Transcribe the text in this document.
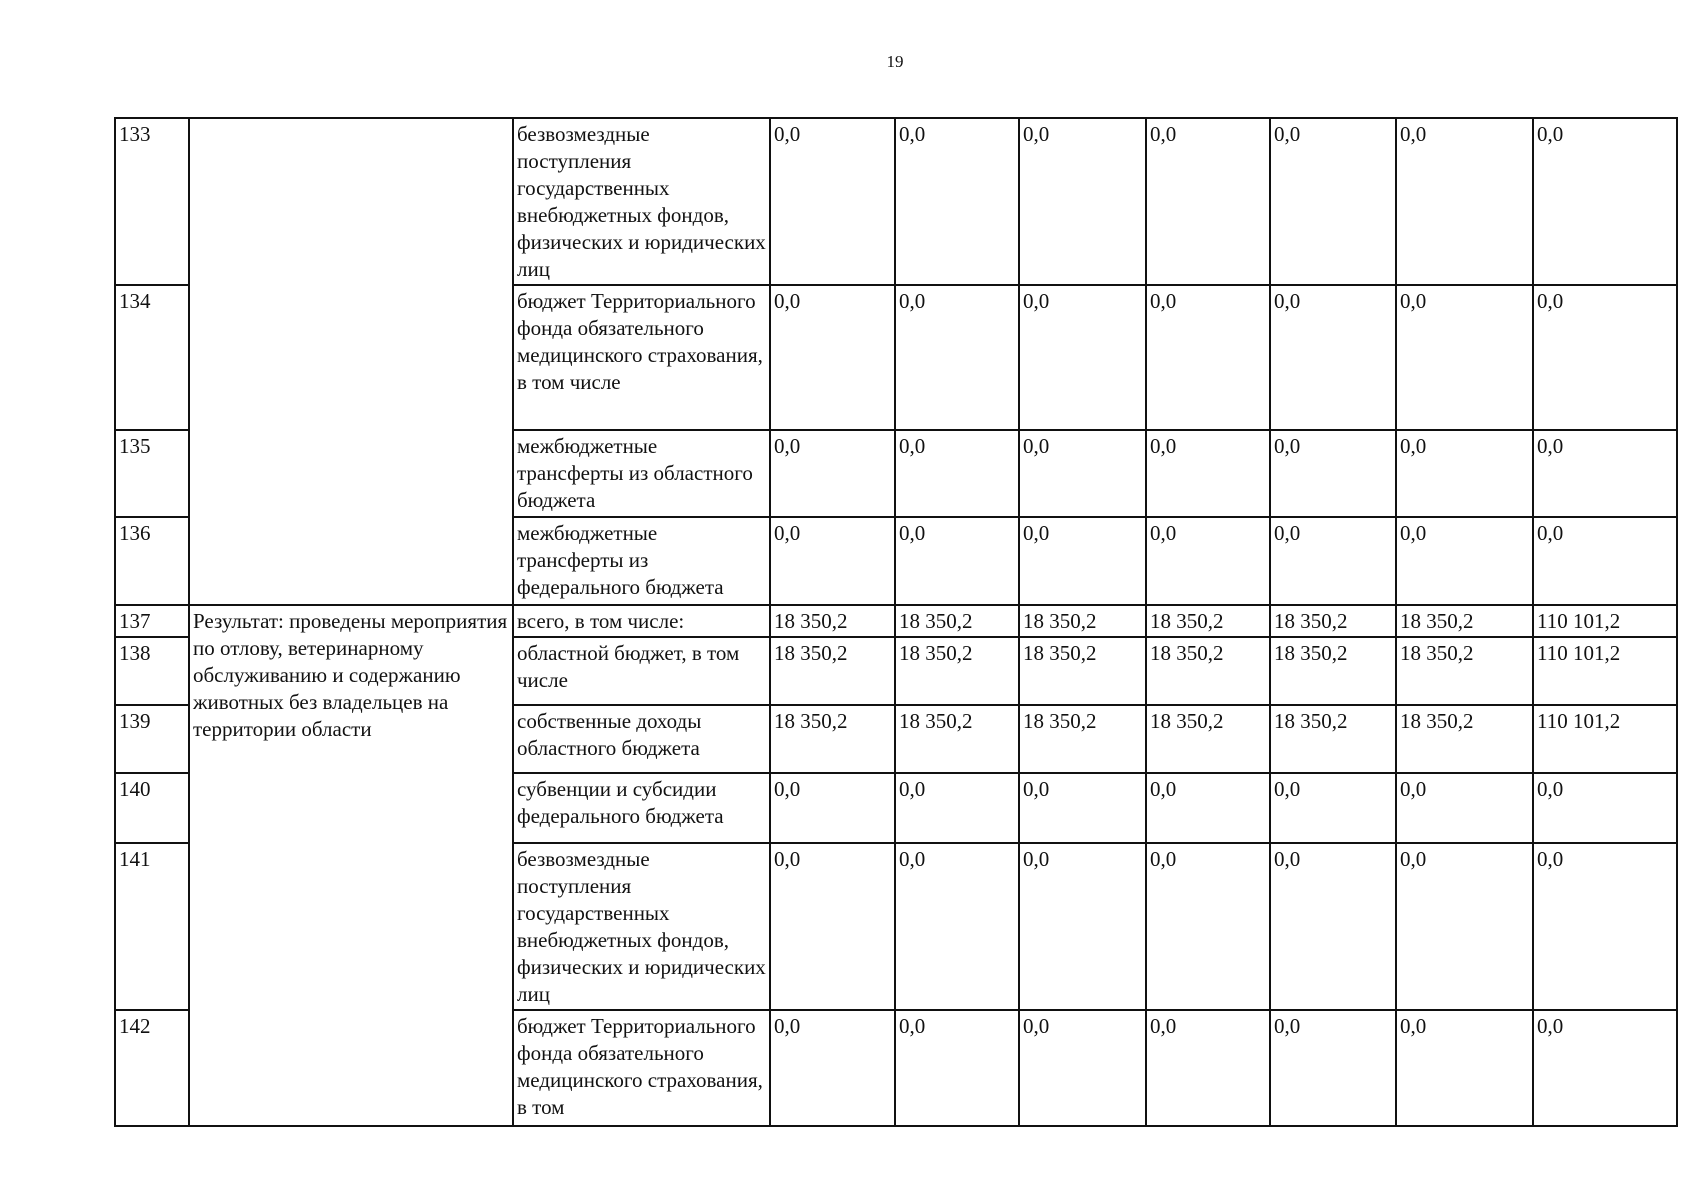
19
133		безвозмездные поступления государственных внебюджетных фондов, физических и юридических лиц	0,0	0,0	0,0	0,0	0,0	0,0	0,0
134		бюджет Территориального фонда обязательного медицинского страхования, в том числе	0,0	0,0	0,0	0,0	0,0	0,0	0,0
135		межбюджетные трансферты из областного бюджета	0,0	0,0	0,0	0,0	0,0	0,0	0,0
136		межбюджетные трансферты из федерального бюджета	0,0	0,0	0,0	0,0	0,0	0,0	0,0
137	Результат: проведены мероприятия по отлову, ветеринарному обслуживанию и содержанию животных без владельцев на территории области	всего, в том числе:	18 350,2	18 350,2	18 350,2	18 350,2	18 350,2	18 350,2	110 101,2
138		областной бюджет, в том числе	18 350,2	18 350,2	18 350,2	18 350,2	18 350,2	18 350,2	110 101,2
139		собственные доходы областного бюджета	18 350,2	18 350,2	18 350,2	18 350,2	18 350,2	18 350,2	110 101,2
140		субвенции и субсидии федерального бюджета	0,0	0,0	0,0	0,0	0,0	0,0	0,0
141		безвозмездные поступления государственных внебюджетных фондов, физических и юридических лиц	0,0	0,0	0,0	0,0	0,0	0,0	0,0
142		бюджет Территориального фонда обязательного медицинского страхования, в том	0,0	0,0	0,0	0,0	0,0	0,0	0,0
